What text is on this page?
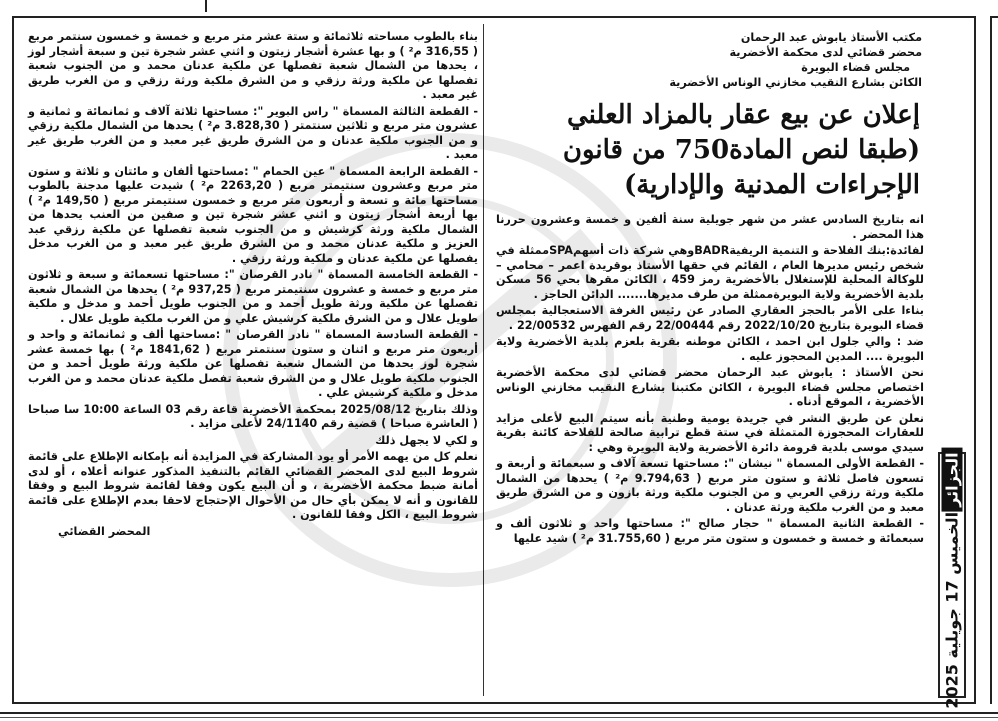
مكتب الأستاذ يابوش عبد الرحمان
محضر قضائي لدى محكمة الأخضرية
مجلس قضاء البويرة
الكائن بشارع النقيب مخازني الوناس الأخضرية
إعلان عن بيع عقار بالمزاد العلني
(طبقا لنص المادة750 من قانون
الإجراءات المدنية والإدارية)

انه بتاريخ السادس عشر من شهر جويلية سنة ألفين و خمسة وعشرون حررنا هذا المحضر .

لفائدة:بنك الفلاحة و التنمية الريفيةBADRوهي شركة ذات أسهمSPAممثلة في شخص رئيس مديرها العام ، القائم في حقها الأستاذ بوقريدة اعمر – محامي – للوكالة المحلية للإستغلال بالأخضرية رمز 459 ، الكائن مقرها بحي 56 مسكن بلدية الأخضرية ولاية البويرةممثلة من طرف مديرها....... الدائن الحاجز .

بناءا على الأمر بالحجز العقاري الصادر عن رئيس الغرفة الاستعجالية بمجلس قضاء البويرة بتاريخ 2022/10/20 رقم 22/00444 رقم الفهرس 22/00532 .

ضد : والي جلول ابن احمد ، الكائن موطنه بقرية بلعزم بلدية الأخضرية ولاية البويرة .... المدين المحجوز عليه .

نحن الأستاذ : يابوش عبد الرحمان محضر قضائي لدى محكمة الأخضرية اختصاص مجلس قضاء البويرة ، الكائن مكتبنا بشارع النقيب مخازني الوناس الأخضرية ، الموقع أدناه .

نعلن عن طريق النشر في جريدة يومية وطنية بأنه سيتم البيع لأعلى مزايد للعقارات المحجوزة المتمثلة في ستة قطع ترابية صالحة للفلاحة كائنة بقرية سيدي موسى بلدية قرومة دائرة الأخضرية ولاية البويرة وهي :

- القطعة الأولى المسماة " نيشان ": مساحتها تسعة آلاف و سبعمائة و أربعة و تسعون فاصل ثلاثة و ستون متر مربع ( 9.794,63 م² ) يحدها من الشمال ملكية ورثة رزقي العربي و من الجنوب ملكية ورثة بازون و من الشرق طريق معبد و من الغرب ملكية ورثة عدنان .

- القطعة الثانية المسماة " حجار صالح ": مساحتها واحد و ثلاثون ألف و سبعمائة و خمسة و خمسون و ستون متر مربع ( 31.755,60 م² ) شيد عليها

بناء بالطوب مساحته ثلاثمائة و ستة عشر متر مربع و خمسة و خمسون سنتمر مربع ( 316,55 م² ) و بها عشرة أشجار زيتون و اثني عشر شجرة تين و سبعة أشجار لوز ، يحدها من الشمال شعبة تفصلها عن ملكية عدنان محمد و من الجنوب شعبة تفصلها عن ملكية ورثة رزقي و من الشرق ملكية ورثة رزقي و من الغرب طريق غير معبد .

- القطعة الثالثة المسماة " راس البوير ": مساحتها ثلاثة آلاف و ثمانمائة و ثمانية و عشرون متر مربع و ثلاثين سنتمتر ( 3.828,30 م² ) يحدها من الشمال ملكية رزقي و من الجنوب ملكية عدنان و من الشرق طريق غير معبد و من الغرب طريق غير معبد .

- القطعة الرابعة المسماة " عين الحمام " :مساحتها ألفان و مائتان و ثلاثة و ستون متر مربع وعشرون سنتيمتر مربع ( 2263,20 م² ) شيدت عليها مدجنة بالطوب مساحتها مائة و تسعة و أربعون متر مربع و خمسون سنتيمتر مربع ( 149,50 م² ) بها أربعة أشجار زيتون و اثني عشر شجرة تين و صفين من العنب يحدها من الشمال ملكية ورثة كرشيش و من الجنوب شعبة تفصلها عن ملكية رزقي عبد العزيز و ملكية عدنان محمد و من الشرق طريق غير معبد و من الغرب مدخل يفصلها عن ملكية عدنان و ملكية ورثة رزقي .

- القطعة الخامسة المسماة " نادر القرصان ": مساحتها تسعمائة و سبعة و ثلاثون متر مربع و خمسة و عشرون سنتيمتر مربع ( 937,25 م² ) يحدها من الشمال شعبة تفصلها عن ملكية ورثة طويل أحمد و من الجنوب طويل أحمد و مدخل و ملكية طويل علال و من الشرق ملكية كرشيش علي و من الغرب ملكية طويل علال .

- القطعة السادسة المسماة " نادر القرصان " :مساحتها ألف و ثمانمائة و واحد و أربعون متر مربع و اثنان و ستون سنتمتر مربع ( 1841,62 م² ) بها خمسة عشر شجرة لوز يحدها من الشمال شعبة تفصلها عن ملكية ورثة طويل أحمد و من الجنوب ملكية طويل علال و من الشرق شعبة تفصل ملكية عدنان محمد و من الغرب مدخل و ملكية كرشيش علي .

وذلك بتاريخ 2025/08/12 بمحكمة الأخضرية قاعة رقم 03 الساعة 10:00 سا صباحا ( العاشرة صباحا ) قضية رقم 24/1140 لأعلى مزايد .

و لكي لا يجهل ذلك

نعلم كل من يهمه الأمر أو يود المشاركة في المزايدة أنه بإمكانه الإطلاع على قائمة شروط البيع لدى المحضر القضائي القائم بالتنفيذ المذكور عنوانه أعلاه ، أو لدى أمانة ضبط محكمة الأخضرية ، و أن البيع يكون وفقا لقائمة شروط البيع و وفقا للقانون و أنه لا يمكن بأي حال من الأحوال الإحتجاج لاحقا بعدم الإطلاع على قائمة شروط البيع ، الكل وفقا للقانون .

المحضر القضائي

الجزائرالخميس 17 جويلية 2025
